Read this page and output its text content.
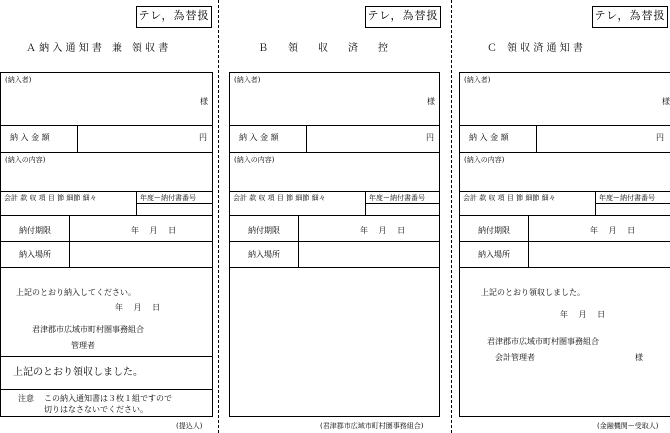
テレ，為替扱	テレ，為替扱	テレ，為替扱
Ａ 納 入 通 知 書　兼　領 収 書	Ｂ　　領　　収　　済　　控	Ｃ　領 収 済 通 知 書
(納入者)
様
納 入 金 額	円
(納入の内容)
会計 款 収 項 目 節 細節 細々	年度ー納付書番号
納付期限	年　 月　 日
納入場所
上記のとおり納入してください。
年　 月　 日
君津郡市広域市町村圏事務組合
管理者
上記のとおり領収しました。
注意 この納入通知書は３枚１組ですので
切りはなさないでください。
(提込人)
(納入者)
様
納 入 金 額	円
(納入の内容)
会計 款 収 項 目 節 細節 細々	年度ー納付書番号
納付期限	年　 月　 日
納入場所
(君津郡市広域市町村圏事務組合)
(納入者)
様
納 入 金 額	円
(納入の内容)
会計 款 収 項 目 節 細節 細々	年度ー納付書番号
納付期限	年　 月　 日
納入場所
上記のとおり領収しました。
年　 月　 日
君津郡市広域市町村圏事務組合
会計管理者	様
(金融機関ー受取人)
